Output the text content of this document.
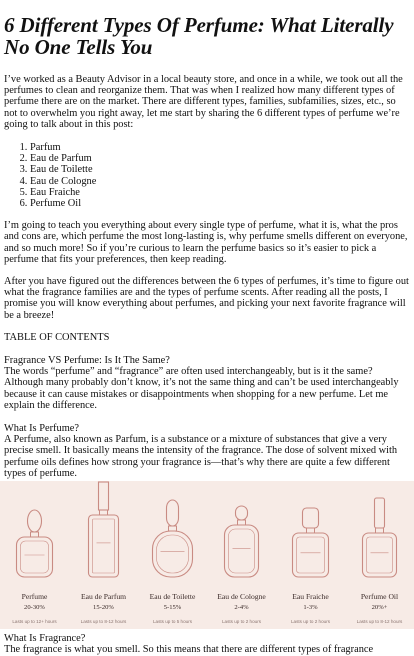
6 Different Types Of Perfume: What Literally No One Tells You

I’ve worked as a Beauty Advisor in a local beauty store, and once in a while, we took out all the perfumes to clean and reorganize them. That was when I realized how many different types of perfume there are on the market. There are different types, families, subfamilies, sizes, etc., so not to overwhelm you right away, let me start by sharing the 6 different types of perfume we’re going to talk about in this post:

1. Parfum
2. Eau de Parfum
3. Eau de Toilette
4. Eau de Cologne
5. Eau Fraiche
6. Perfume Oil

I’m going to teach you everything about every single type of perfume, what it is, what the pros and cons are, which perfume the most long-lasting is, why perfume smells different on everyone, and so much more! So if you’re curious to learn the perfume basics so it’s easier to pick a perfume that fits your preferences, then keep reading.

After you have figured out the differences between the 6 types of perfumes, it’s time to figure out what the fragrance families are and the types of perfume scents. After reading all the posts, I promise you will know everything about perfumes, and picking your next favorite fragrance will be a breeze!

TABLE OF CONTENTS

Fragrance VS Perfume: Is It The Same?

The words “perfume” and “fragrance” are often used interchangeably, but is it the same? Although many probably don’t know, it’s not the same thing and can’t be used interchangeably because it can cause mistakes or disappointments when shopping for a new perfume. Let me explain the difference.

What Is Perfume?

A Perfume, also known as Parfum, is a substance or a mixture of substances that give a very precise smell. It basically means the intensity of the fragrance. The dose of solvent mixed with perfume oils defines how strong your fragrance is—that’s why there are quite a few different types of perfume.

Perfume
20-30%
Lasts up to 12+ hours
Eau de Parfum
15-20%
Lasts up to 8-12 hours
Eau de Toilette
5-15%
Lasts up to 5 hours
Eau de Cologne
2-4%
Lasts up to 2 hours
Eau Fraiche
1-3%
Lasts up to 2 hours
Perfume Oil
20%+
Lasts up to 8-12 hours

What Is Fragrance?

The fragrance is what you smell. So this means that there are different types of fragrance
